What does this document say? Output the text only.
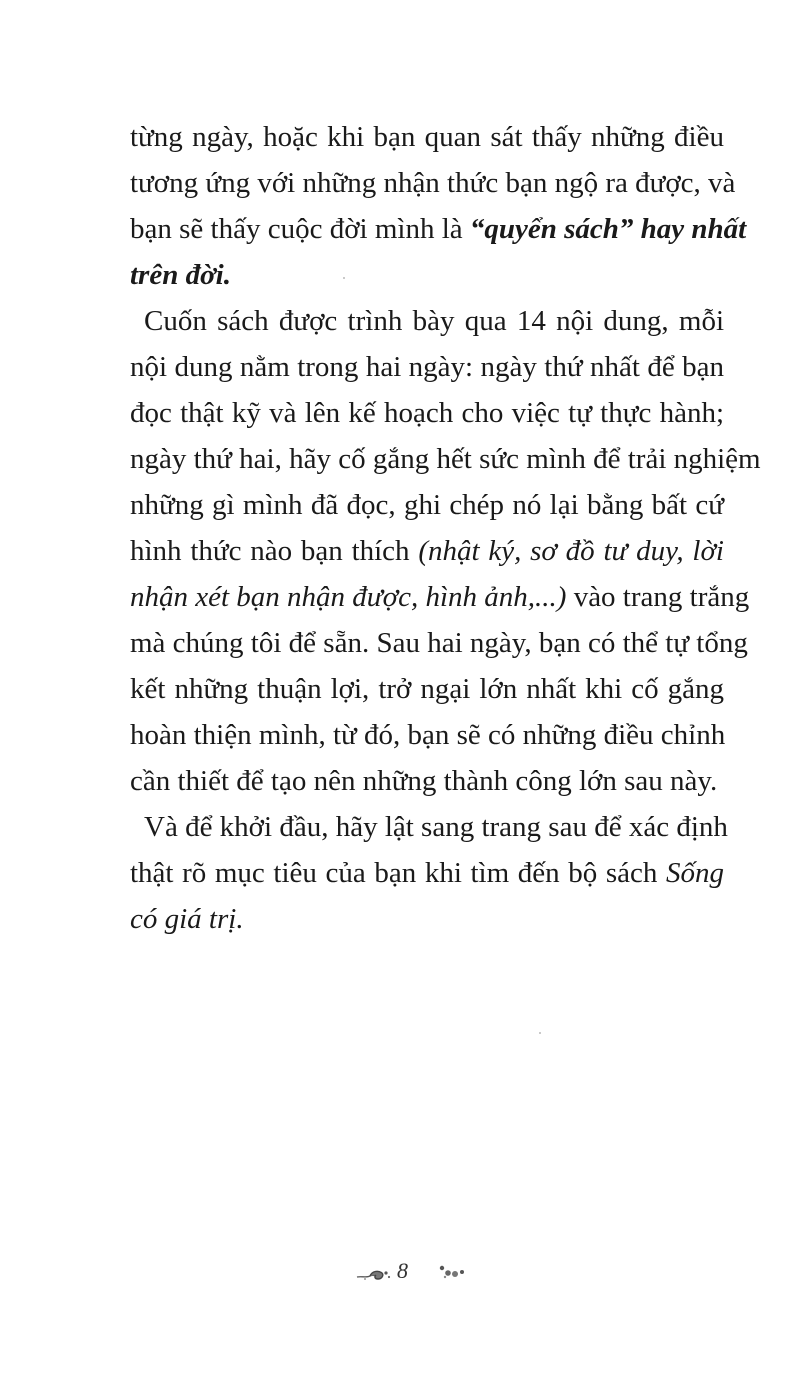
từng ngày, hoặc khi bạn quan sát thấy những điều
tương ứng với những nhận thức bạn ngộ ra được, và
bạn sẽ thấy cuộc đời mình là “quyển sách” hay nhất
trên đời.
Cuốn sách được trình bày qua 14 nội dung, mỗi
nội dung nằm trong hai ngày: ngày thứ nhất để bạn
đọc thật kỹ và lên kế hoạch cho việc tự thực hành;
ngày thứ hai, hãy cố gắng hết sức mình để trải nghiệm
những gì mình đã đọc, ghi chép nó lại bằng bất cứ
hình thức nào bạn thích (nhật ký, sơ đồ tư duy, lời
nhận xét bạn nhận được, hình ảnh,...) vào trang trắng
mà chúng tôi để sẵn. Sau hai ngày, bạn có thể tự tổng
kết những thuận lợi, trở ngại lớn nhất khi cố gắng
hoàn thiện mình, từ đó, bạn sẽ có những điều chỉnh
cần thiết để tạo nên những thành công lớn sau này.
Và để khởi đầu, hãy lật sang trang sau để xác định
thật rõ mục tiêu của bạn khi tìm đến bộ sách Sống
có giá trị.
8
